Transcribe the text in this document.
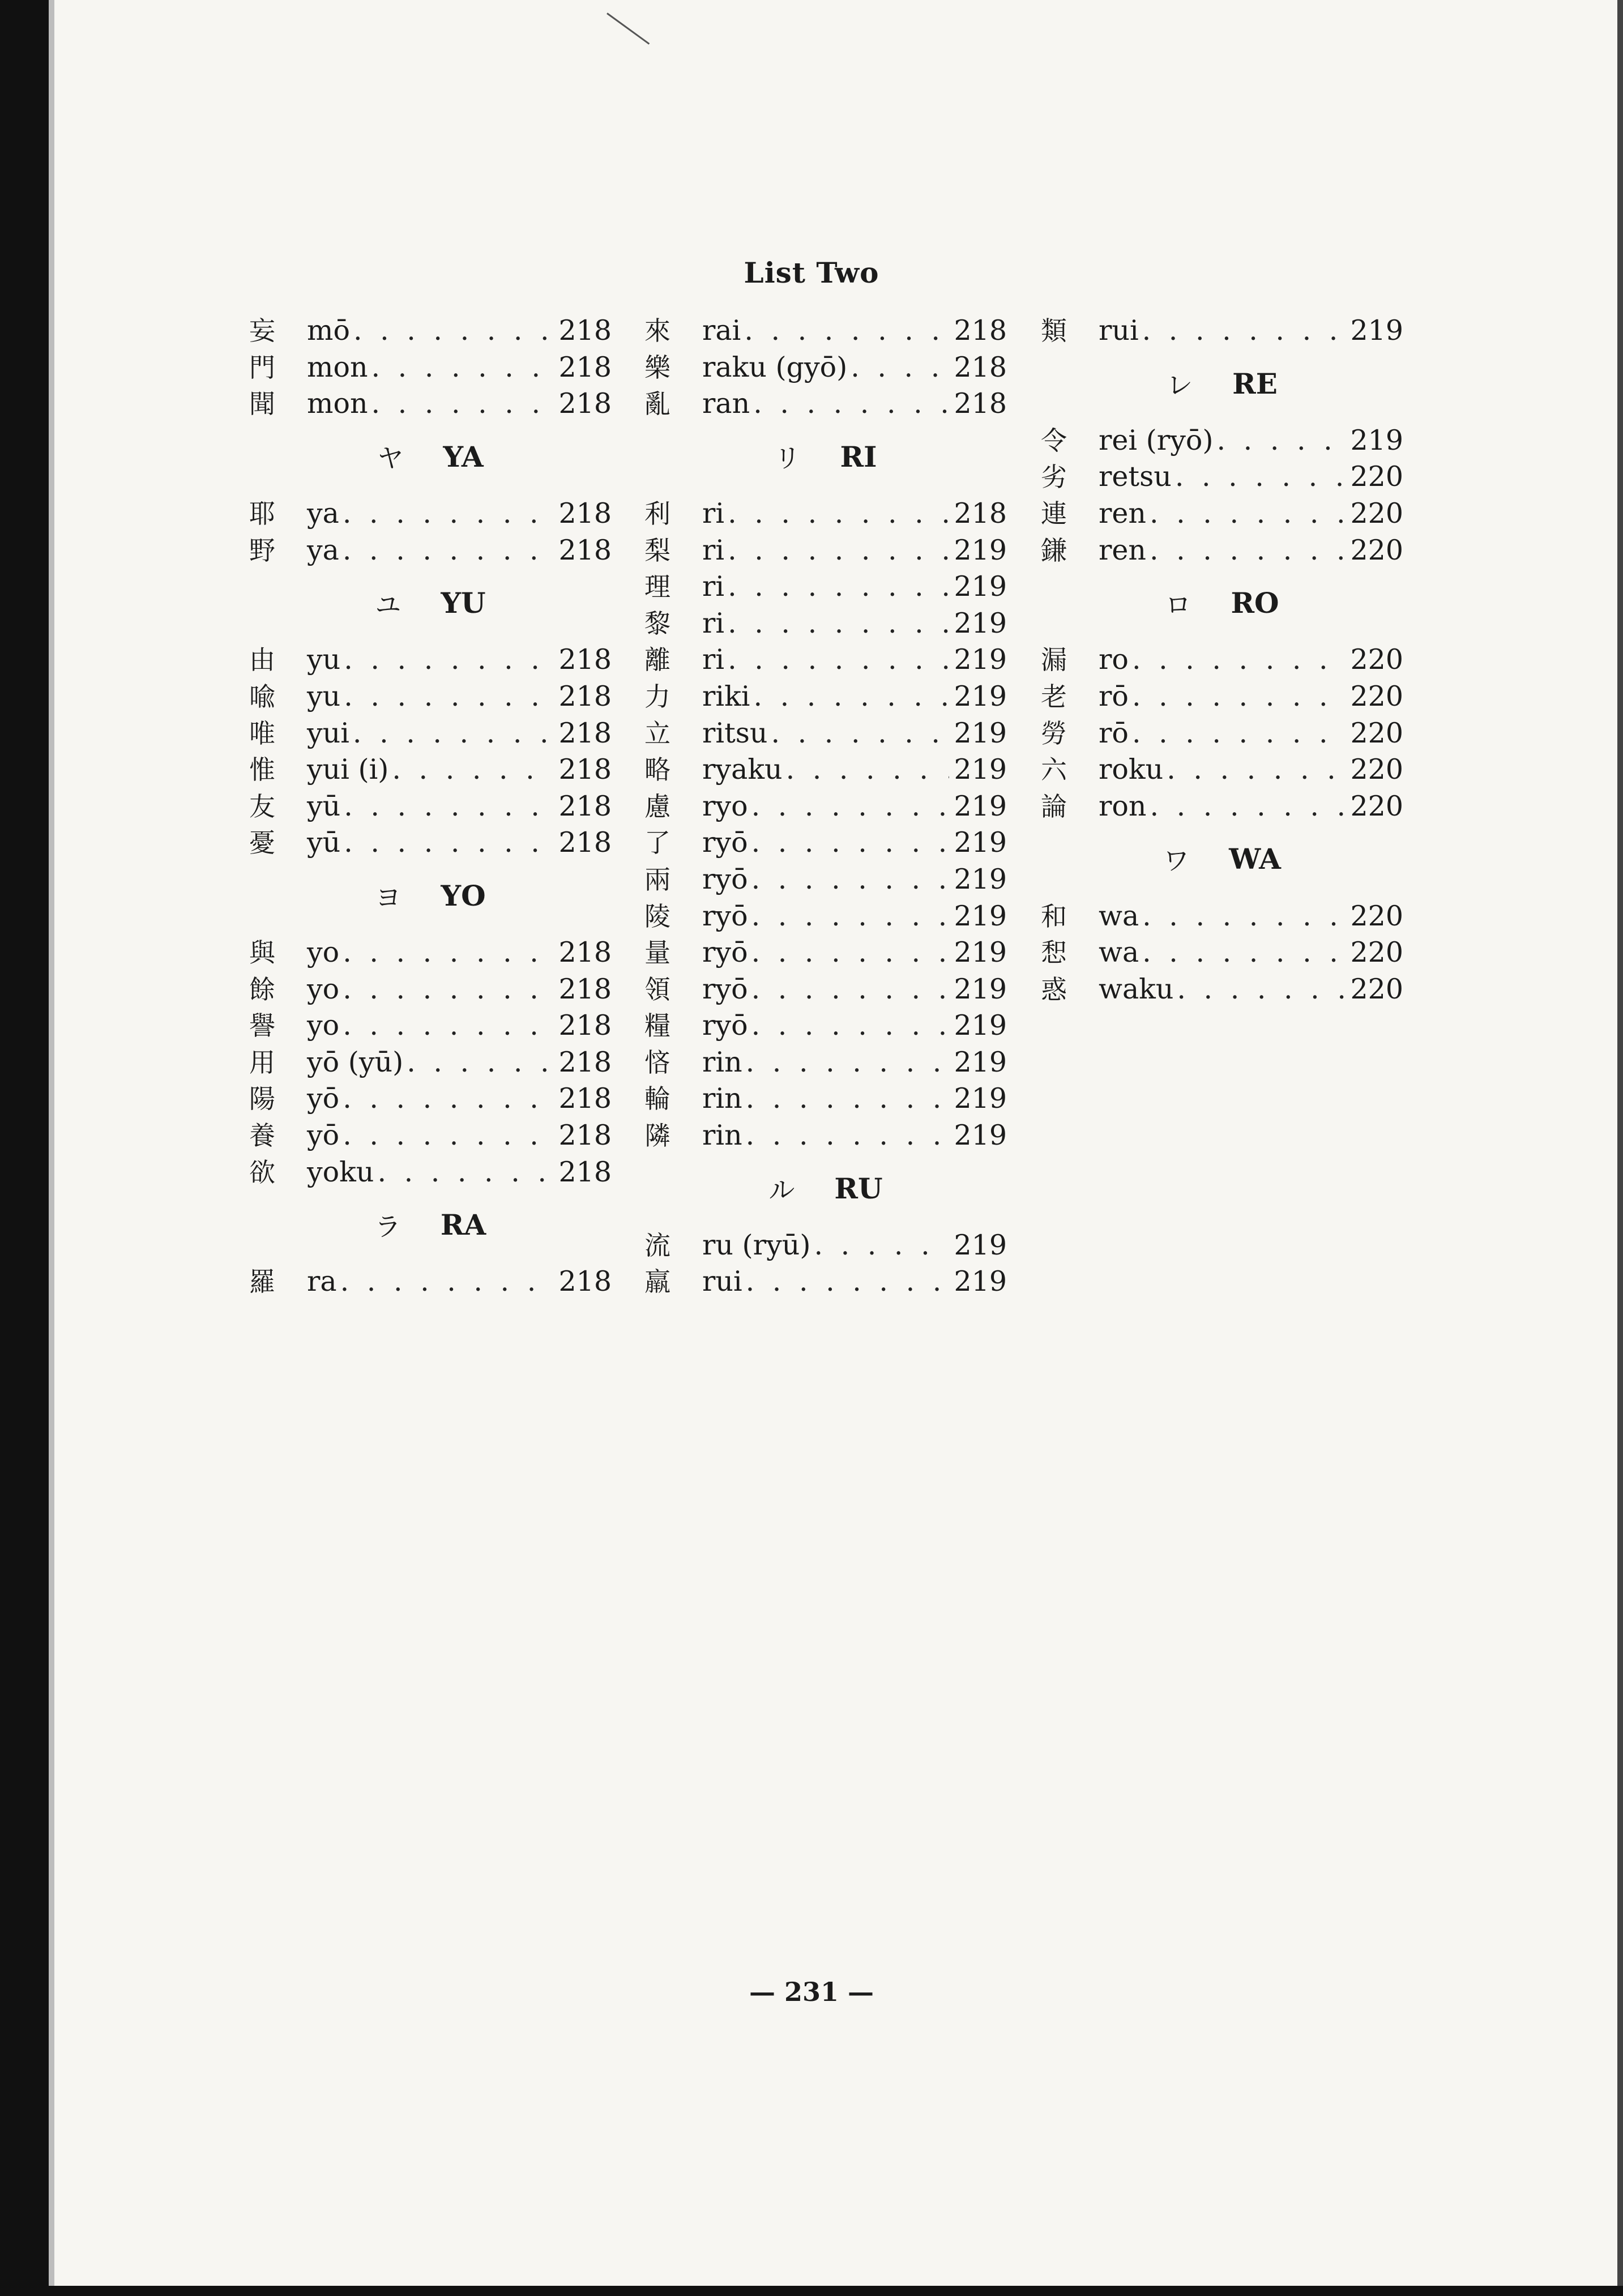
List Two
妄	mō . . .	218
門	mon . . .	218
聞	mon . . .	218
ヤ YA
耶	ya . . .	218
野	ya . . .	218
ユ YU
由	yu . . .	218
喩	yu . . .	218
唯	yui . . .	218
惟	yui (i) . . .	218
友	yū . . .	218
憂	yū . . .	218
ヨ YO
與	yo . . .	218
餘	yo . . .	218
譽	yo . . .	218
用	yō (yū) . . .	218
陽	yō . . .	218
養	yō . . .	218
欲	yoku . . .	218
ラ RA
羅	ra . . .	218
來	rai . . .	218
樂	raku (gyō) . . .	218
亂	ran . . .	218
リ RI
利	ri . . .	218
梨	ri . . .	219
理	ri . . .	219
黎	ri . . .	219
離	ri . . .	219
力	riki . . .	219
立	ritsu . . .	219
略	ryaku . . .	219
慮	ryo . . .	219
了	ryō . . .	219
兩	ryō . . .	219
陵	ryō . . .	219
量	ryō . . .	219
領	ryō . . .	219
糧	ryō . . .	219
悋	rin . . .	219
輪	rin . . .	219
隣	rin . . .	219
ル RU
流	ru (ryū) . . .	219
羸	rui . . .	219
類	rui . . .	219
レ RE
令	rei (ryō) . . .	219
劣	retsu . . .	220
連	ren . . .	220
鎌	ren . . .	220
ロ RO
漏	ro . . .	220
老	rō . . .	220
勞	rō . . .	220
六	roku . . .	220
論	ron . . .	220
ワ WA
和	wa . . .	220
惒	wa . . .	220
惑	waku . . .	220
— 231 —
